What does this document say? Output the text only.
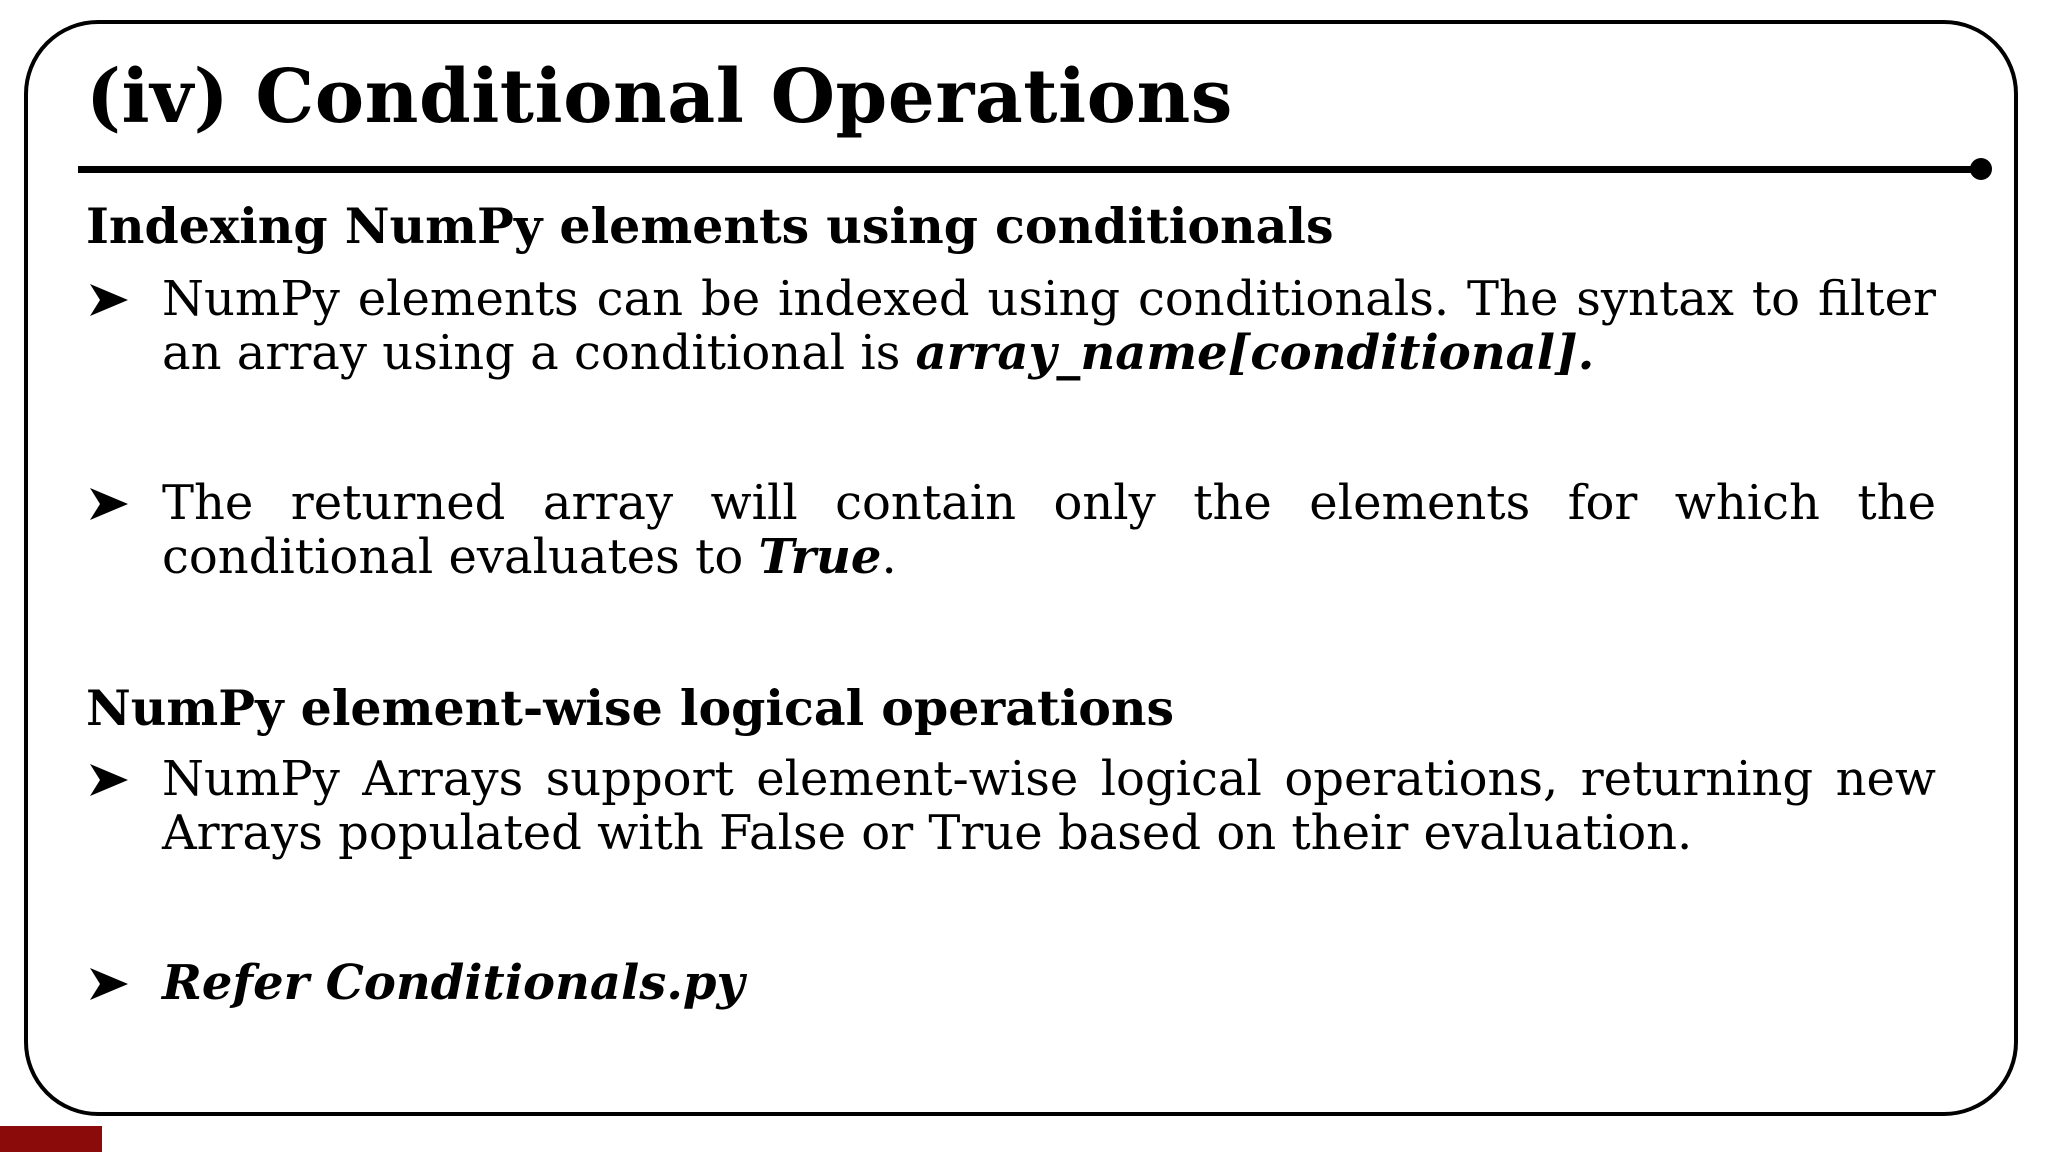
(iv) Conditional Operations
Indexing NumPy elements using conditionals
NumPy elements can be indexed using conditionals. The syntax to filter an array using a conditional is array_name[conditional].
The returned array will contain only the elements for which the
conditional evaluates to True.
NumPy element-wise logical operations
NumPy Arrays support element-wise logical operations, returning new Arrays populated with False or True based on their evaluation.
Refer Conditionals.py
